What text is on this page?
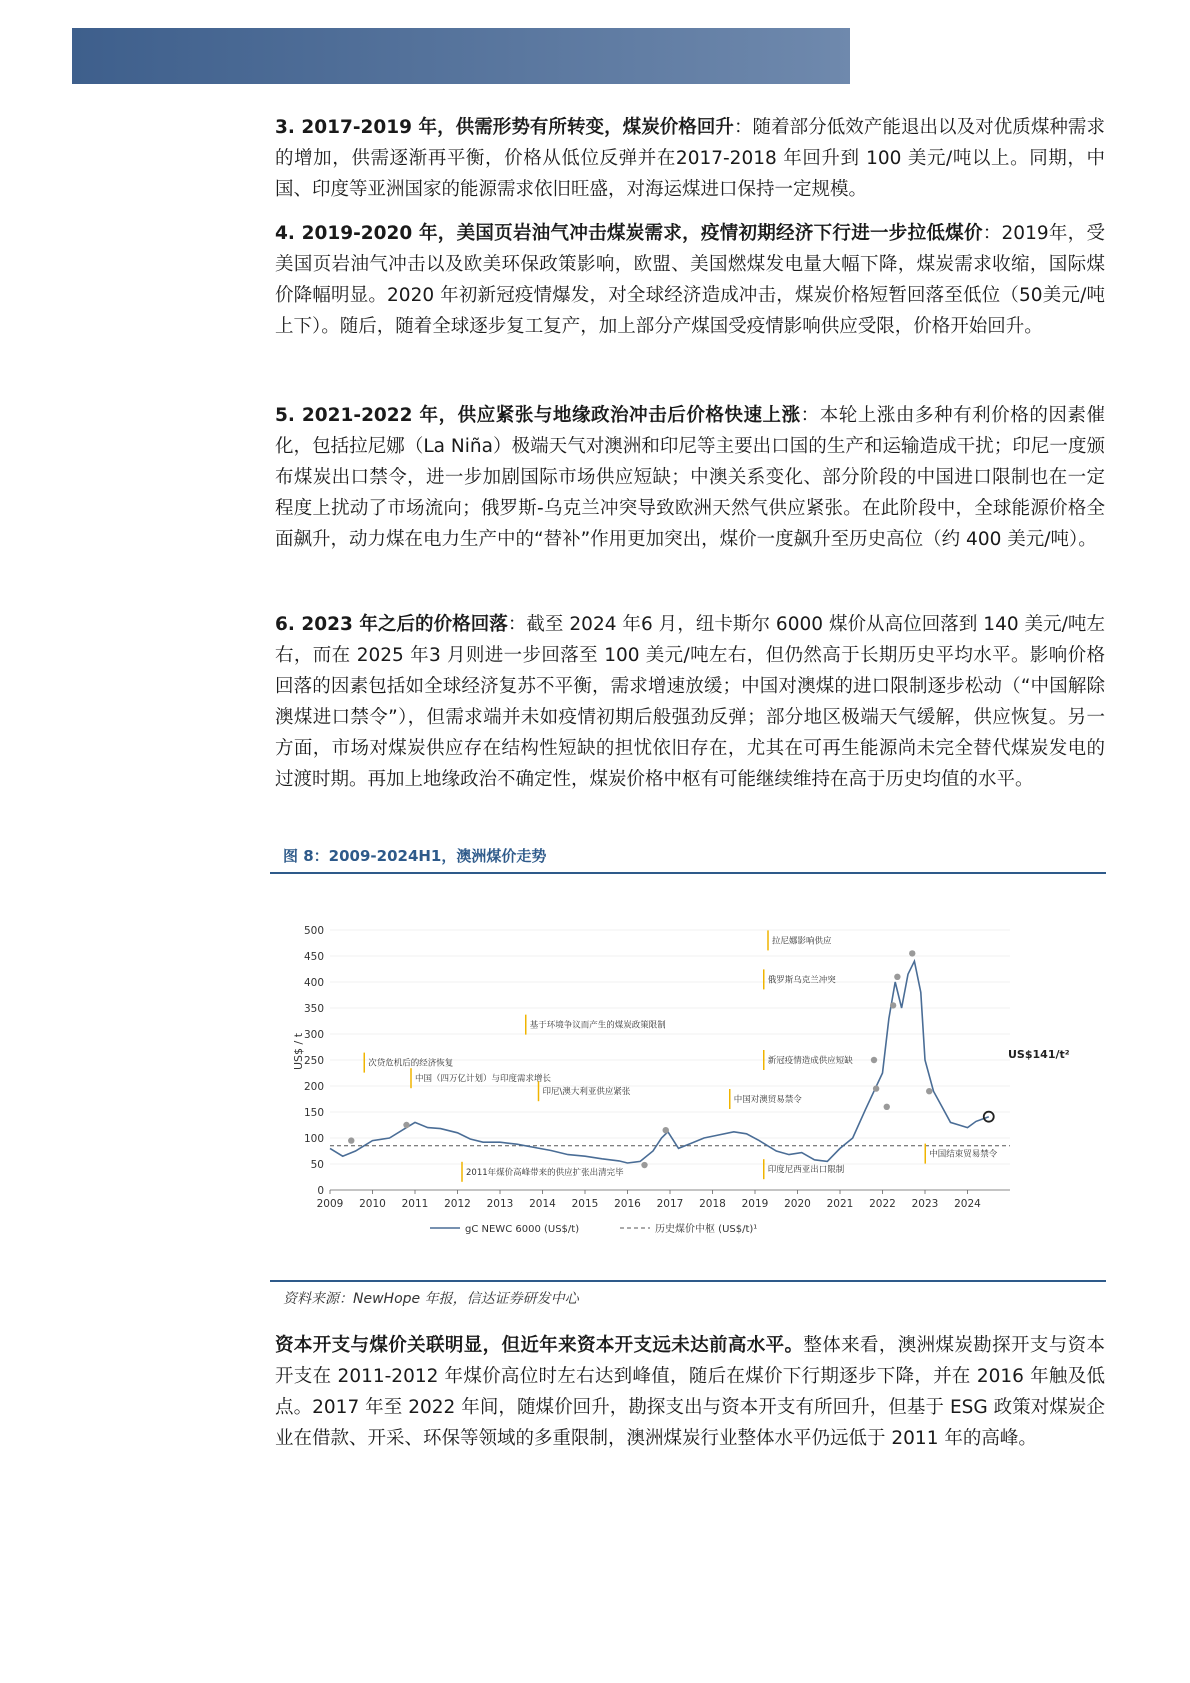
3. 2017-2019 年，供需形势有所转变，煤炭价格回升：随着部分低效产能退出以及对优质煤种需求的增加，供需逐渐再平衡，价格从低位反弹并在2017-2018 年回升到 100 美元/吨以上。同期，中国、印度等亚洲国家的能源需求依旧旺盛，对海运煤进口保持一定规模。

4. 2019-2020 年，美国页岩油气冲击煤炭需求，疫情初期经济下行进一步拉低煤价：2019年，受美国页岩油气冲击以及欧美环保政策影响，欧盟、美国燃煤发电量大幅下降，煤炭需求收缩，国际煤价降幅明显。2020 年初新冠疫情爆发，对全球经济造成冲击，煤炭价格短暂回落至低位（50美元/吨上下）。随后，随着全球逐步复工复产，加上部分产煤国受疫情影响供应受限，价格开始回升。

5. 2021-2022 年，供应紧张与地缘政治冲击后价格快速上涨：本轮上涨由多种有利价格的因素催化，包括拉尼娜（La Niña）极端天气对澳洲和印尼等主要出口国的生产和运输造成干扰；印尼一度颁布煤炭出口禁令，进一步加剧国际市场供应短缺；中澳关系变化、部分阶段的中国进口限制也在一定程度上扰动了市场流向；俄罗斯-乌克兰冲突导致欧洲天然气供应紧张。在此阶段中，全球能源价格全面飙升，动力煤在电力生产中的“替补”作用更加突出，煤价一度飙升至历史高位（约 400 美元/吨）。

6. 2023 年之后的价格回落：截至 2024 年6 月，纽卡斯尔 6000 煤价从高位回落到 140 美元/吨左右，而在 2025 年3 月则进一步回落至 100 美元/吨左右，但仍然高于长期历史平均水平。影响价格回落的因素包括如全球经济复苏不平衡，需求增速放缓；中国对澳煤的进口限制逐步松动（“中国解除澳煤进口禁令”），但需求端并未如疫情初期后般强劲反弹；部分地区极端天气缓解，供应恢复。另一方面，市场对煤炭供应存在结构性短缺的担忧依旧存在，尤其在可再生能源尚未完全替代煤炭发电的过渡时期。再加上地缘政治不确定性，煤炭价格中枢有可能继续维持在高于历史均值的水平。

图 8：2009-2024H1，澳洲煤价走势
0
50
100
150
200
250
300
350
400
450
500
2009 2010 2011 2012 2013 2014 2015 2016 2017 2018 2019 2020 2021 2022 2023 2024
拉尼娜影响供应
俄罗斯乌克兰冲突
基于环境争议而产生的煤炭政策限制
次贷危机后的经济恢复
中国（四万亿计划）与印度需求增长
印尼\澳大利亚供应紧张
新冠疫情造成供应短缺
中国对澳贸易禁令
2011年煤价高峰带来的供应扩张出清完毕	印度尼西亚出口限制
中国结束贸易禁令
US$ / t	US$141/t²
gC NEWC 6000 (US$/t)	历史煤价中枢 (US$/t)¹
资料来源：NewHope 年报，信达证券研发中心

资本开支与煤价关联明显，但近年来资本开支远未达前高水平。整体来看，澳洲煤炭勘探开支与资本开支在 2011-2012 年煤价高位时左右达到峰值，随后在煤价下行期逐步下降，并在 2016 年触及低点。2017 年至 2022 年间，随煤价回升，勘探支出与资本开支有所回升，但基于 ESG 政策对煤炭企业在借款、开采、环保等领域的多重限制，澳洲煤炭行业整体水平仍远低于 2011 年的高峰。
